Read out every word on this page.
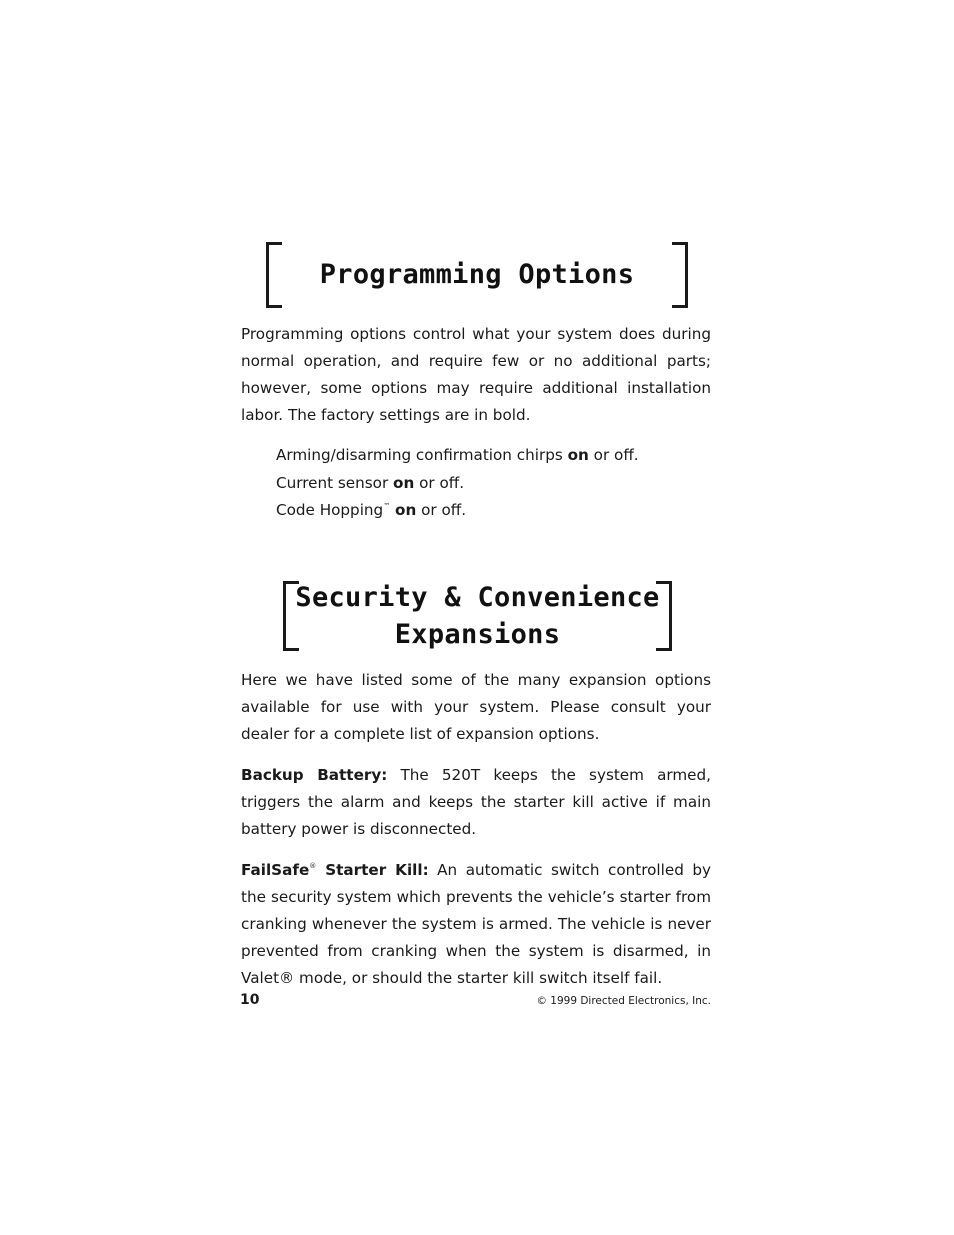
Programming Options

Programming options control what your system does during normal operation, and require few or no additional parts; however, some options may require additional installation labor. The factory settings are in bold.

Arming/disarming confirmation chirps on or off.
Current sensor on or off.
Code Hopping™ on or off.
Security & Convenience
Expansions

Here we have listed some of the many expansion options available for use with your system. Please consult your dealer for a complete list of expansion options.

Backup Battery: The 520T keeps the system armed, triggers the alarm and keeps the starter kill active if main battery power is disconnected.

FailSafe® Starter Kill: An automatic switch controlled by the security system which prevents the vehicle’s starter from cranking whenever the system is armed. The vehicle is never prevented from cranking when the system is disarmed, in Valet® mode, or should the starter kill switch itself fail.

10	© 1999 Directed Electronics, Inc.
